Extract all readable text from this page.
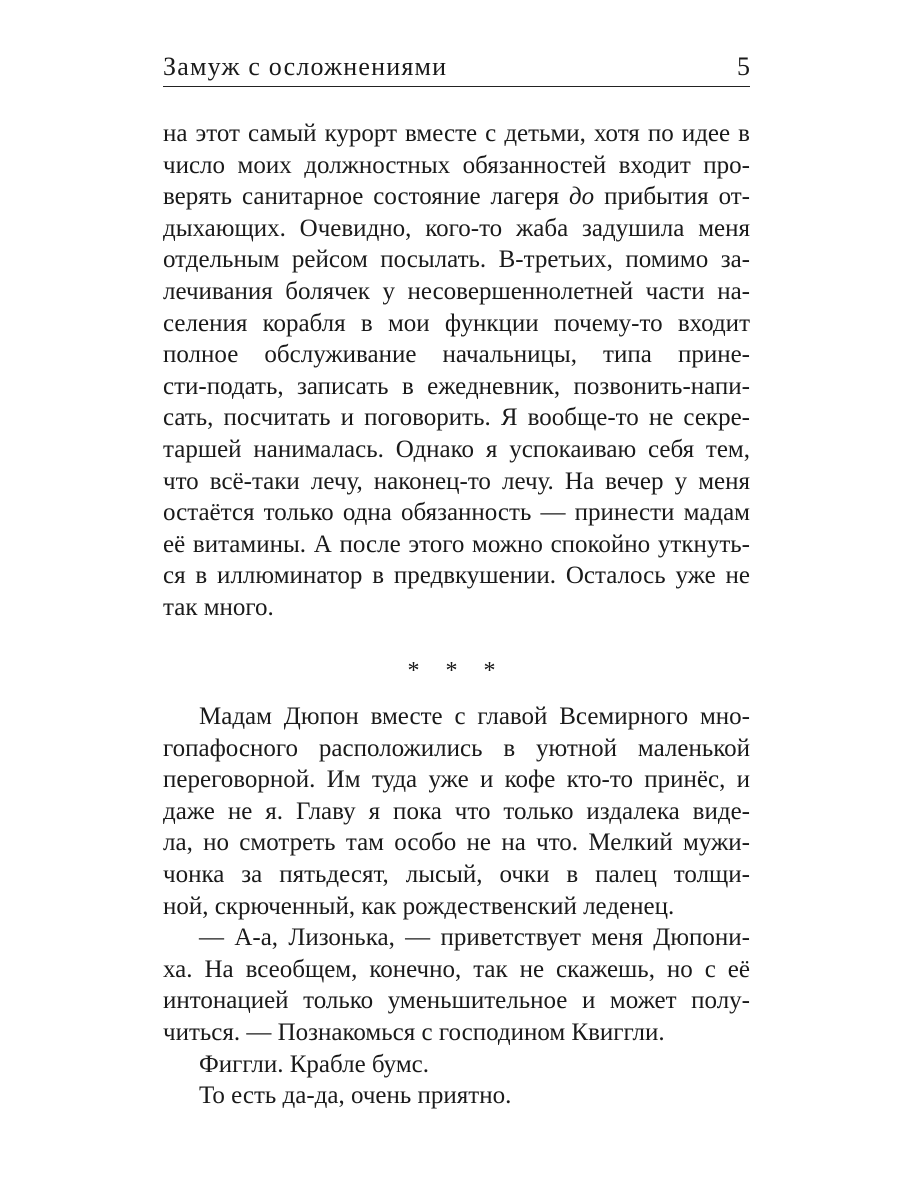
Замуж с осложнениями	5
на этот самый курорт вместе с детьми, хотя по идее в
число моих должностных обязанностей входит про-
верять санитарное состояние лагеря до прибытия от-
дыхающих. Очевидно, кого-то жаба задушила меня
отдельным рейсом посылать. В-третьих, помимо за-
лечивания болячек у несовершеннолетней части на-
селения корабля в мои функции почему-то входит
полное обслуживание начальницы, типа прине-
сти-подать, записать в ежедневник, позвонить-напи-
сать, посчитать и поговорить. Я вообще-то не секре-
таршей нанималась. Однако я успокаиваю себя тем,
что всё-таки лечу, наконец-то лечу. На вечер у меня
остаётся только одна обязанность — принести мадам
её витамины. А после этого можно спокойно уткнуть-
ся в иллюминатор в предвкушении. Осталось уже не
так много.
* * *
Мадам Дюпон вместе с главой Всемирного мно-
гопафосного расположились в уютной маленькой
переговорной. Им туда уже и кофе кто-то принёс, и
даже не я. Главу я пока что только издалека виде-
ла, но смотреть там особо не на что. Мелкий мужи-
чонка за пятьдесят, лысый, очки в палец толщи-
ной, скрюченный, как рождественский леденец.
— А-а, Лизонька, — приветствует меня Дюпони-
ха. На всеобщем, конечно, так не скажешь, но с её
интонацией только уменьшительное и может полу-
читься. — Познакомься с господином Квиггли.
Фиггли. Крабле бумс.
То есть да-да, очень приятно.
